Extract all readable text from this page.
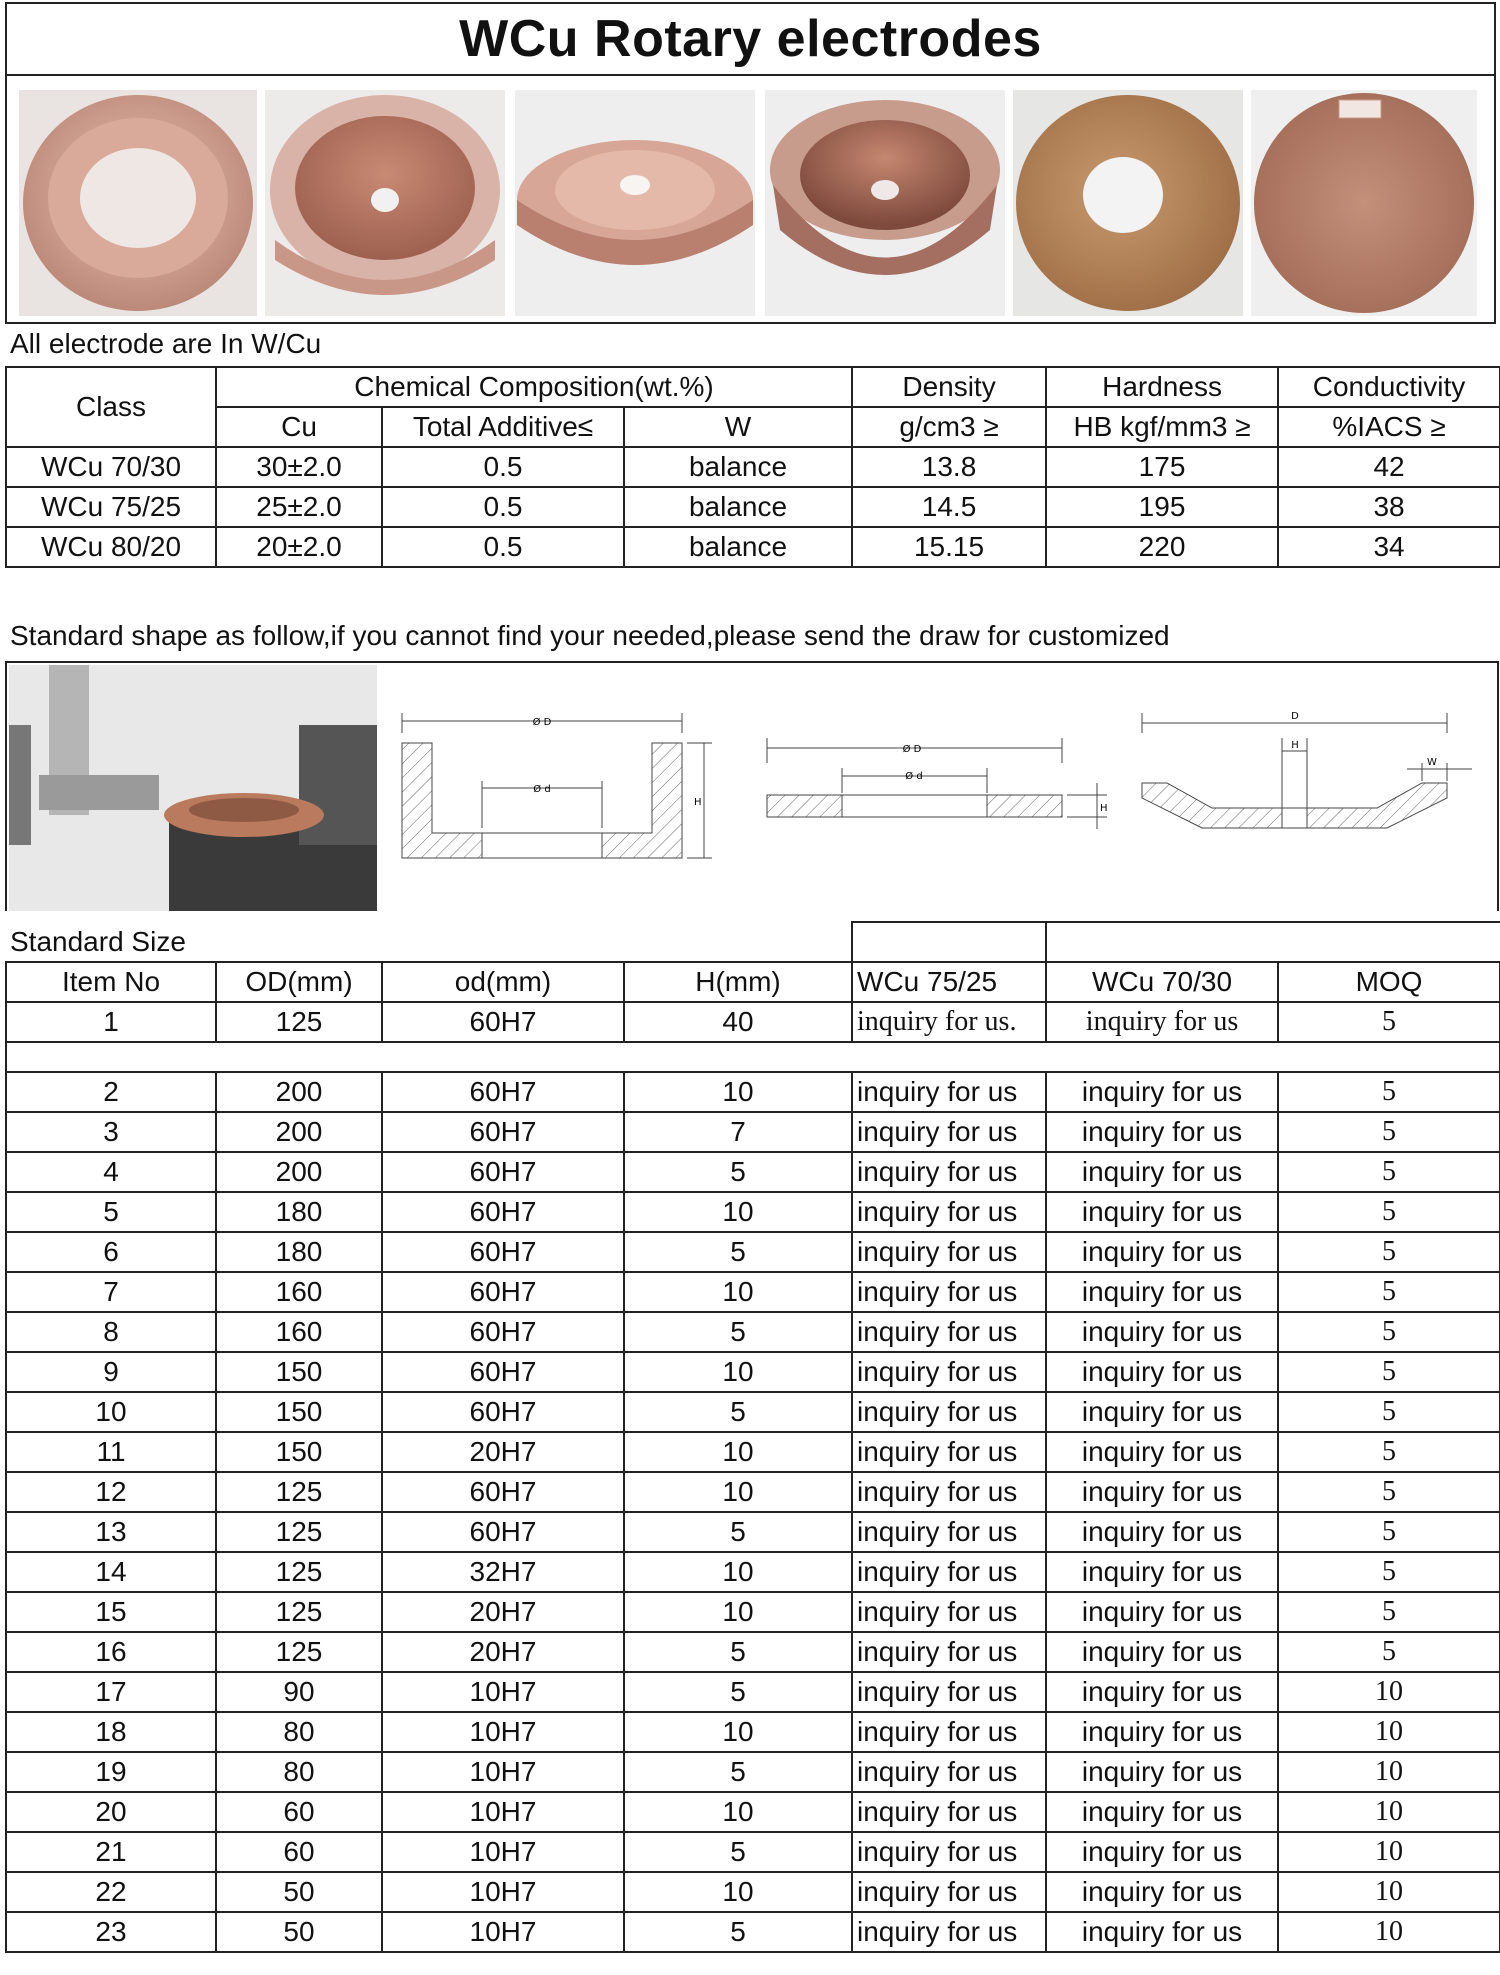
WCu Rotary electrodes
All electrode are In W/Cu
Class	Chemical Composition(wt.%)			Density	Hardness	Conductivity
	Cu	Total Additive≤	W	g/cm3 ≥	HB kgf/mm3 ≥	%IACS ≥
WCu 70/30	30±2.0	0.5	balance	13.8	175	42
WCu 75/25	25±2.0	0.5	balance	14.5	195	38
WCu 80/20	20±2.0	0.5	balance	15.15	220	34
Standard shape as follow,if you cannot find your needed,please send the draw for customized
Ø D
Ø d
H
Ø D
Ø d
H
D
H
W
Standard Size						
Item No	OD(mm)	od(mm)	H(mm)	WCu 75/25	WCu 70/30	MOQ
1	125	60H7	40	inquiry for us.	inquiry for us	5

2	200	60H7	10	inquiry for us	inquiry for us	5
3	200	60H7	7	inquiry for us	inquiry for us	5
4	200	60H7	5	inquiry for us	inquiry for us	5
5	180	60H7	10	inquiry for us	inquiry for us	5
6	180	60H7	5	inquiry for us	inquiry for us	5
7	160	60H7	10	inquiry for us	inquiry for us	5
8	160	60H7	5	inquiry for us	inquiry for us	5
9	150	60H7	10	inquiry for us	inquiry for us	5
10	150	60H7	5	inquiry for us	inquiry for us	5
11	150	20H7	10	inquiry for us	inquiry for us	5
12	125	60H7	10	inquiry for us	inquiry for us	5
13	125	60H7	5	inquiry for us	inquiry for us	5
14	125	32H7	10	inquiry for us	inquiry for us	5
15	125	20H7	10	inquiry for us	inquiry for us	5
16	125	20H7	5	inquiry for us	inquiry for us	5
17	90	10H7	5	inquiry for us	inquiry for us	10
18	80	10H7	10	inquiry for us	inquiry for us	10
19	80	10H7	5	inquiry for us	inquiry for us	10
20	60	10H7	10	inquiry for us	inquiry for us	10
21	60	10H7	5	inquiry for us	inquiry for us	10
22	50	10H7	10	inquiry for us	inquiry for us	10
23	50	10H7	5	inquiry for us	inquiry for us	10
